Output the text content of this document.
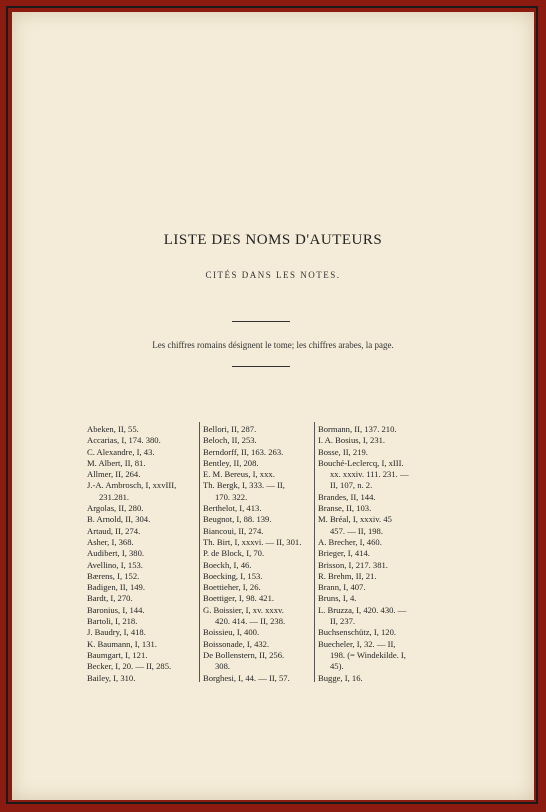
LISTE DES NOMS D'AUTEURS
CITÉS DANS LES NOTES.
Les chiffres romains désignent le tome; les chiffres arabes, la page.
Abeken, II, 55.
Accarias, I, 174. 380.
C. Alexandre, I, 43.
M. Albert, II, 81.
Allmer, II, 264.
J.-A. Ambrosch, I, xxvIII,
231.281.
Argolas, II, 280.
B. Arnold, II, 304.
Artaud, II, 274.
Asher, I, 368.
Audibert, I, 380.
Avellino, I, 153.
Bærens, I, 152.
Badigen, II, 149.
Bardt, I, 270.
Baronius, I, 144.
Bartoli, I, 218.
J. Baudry, I, 418.
K. Baumann, I, 131.
Baumgart, I, 121.
Becker, I, 20. — II, 285.
Bailey, I, 310.
Bellori, II, 287.
Beloch, II, 253.
Berndorff, II, 163. 263.
Bentley, II, 208.
E. M. Bereus, I, xxx.
Th. Bergk, I, 333. — II,
170. 322.
Berthelot, I, 413.
Beugnot, I, 88. 139.
Biancoui, II, 274.
Th. Birt, I, xxxvi. — II, 301.
P. de Block, I, 70.
Boeckh, I, 46.
Boecking, I, 153.
Boettieher, I, 26.
Boettiger, I, 98. 421.
G. Boissier, I, xv. xxxv.
420. 414. — II, 238.
Boissieu, I, 400.
Boissonade, I, 432.
De Bollenstern, II, 256.
308.
Borghesi, I, 44. — II, 57.
Bormann, II, 137. 210.
I. A. Bosius, I, 231.
Bosse, II, 219.
Bouché-Leclercq, I, xIII.
xx. xxxiv. 111. 231. —
II, 107, n. 2.
Brandes, II, 144.
Branse, II, 103.
M. Bréal, I, xxxiv. 45
457. — II, 198.
A. Brecher, I, 460.
Brieger, I, 414.
Brisson, I, 217. 381.
R. Brehm, II, 21.
Brann, I, 407.
Bruns, I, 4.
L. Bruzza, I, 420. 430. —
II, 237.
Buchsenschütz, I, 120.
Buecheler, I, 32. — II,
198. (= Windekilde. I,
45).
Bugge, I, 16.
